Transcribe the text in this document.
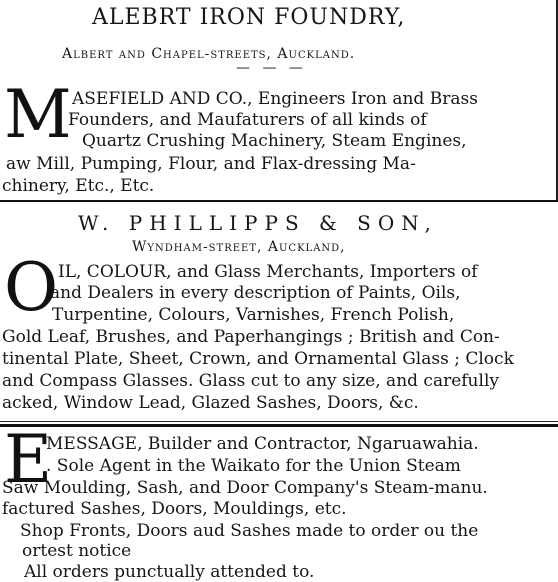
ALEBRT IRON FOUNDRY,
Albert and Chapel-streets, Auckland.
— — —
M ASEFIELD AND CO., Engineers Iron and Brass
Founders, and Maufaturers of all kinds of
Quartz Crushing Machinery, Steam Engines,
aw Mill, Pumping, Flour, and Flax-dressing Ma-
chinery, Etc., Etc.
W. PHILLIPPS & SON,
Wyndham-street, Auckland,
O IL, COLOUR, and Glass Merchants, Importers of
and Dealers in every description of Paints, Oils,
Turpentine, Colours, Varnishes, French Polish,
Gold Leaf, Brushes, and Paperhangings ; British and Con-
tinental Plate, Sheet, Crown, and Ornamental Glass ; Clock
and Compass Glasses. Glass cut to any size, and carefully
acked, Window Lead, Glazed Sashes, Doors, &c.
E
MESSAGE, Builder and Contractor, Ngaruawahia.
. Sole Agent in the Waikato for the Union Steam
Saw Moulding, Sash, and Door Company's Steam-manu.
factured Sashes, Doors, Mouldings, etc.
Shop Fronts, Doors aud Sashes made to order ou the
ortest notice
All orders punctually attended to.
